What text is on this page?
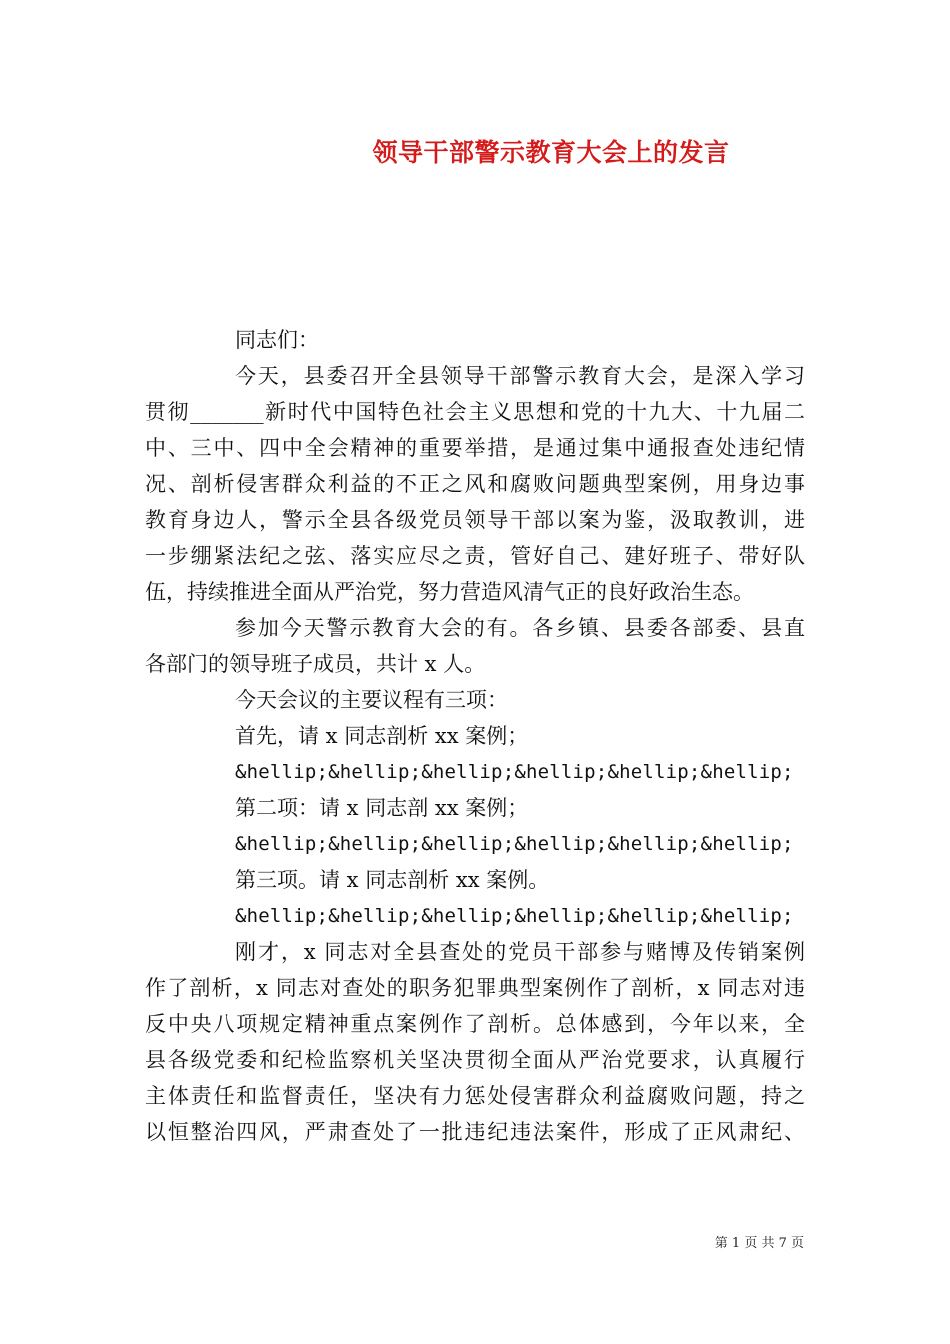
领导干部警示教育大会上的发言
同志们：
今天，县委召开全县领导干部警示教育大会，是深入学习
贯彻_______新时代中国特色社会主义思想和党的十九大、十九届二
中、三中、四中全会精神的重要举措，是通过集中通报查处违纪情
况、剖析侵害群众利益的不正之风和腐败问题典型案例，用身边事
教育身边人，警示全县各级党员领导干部以案为鉴，汲取教训，进
一步绷紧法纪之弦、落实应尽之责，管好自己、建好班子、带好队
伍，持续推进全面从严治党，努力营造风清气正的良好政治生态。
参加今天警示教育大会的有。各乡镇、县委各部委、县直
各部门的领导班子成员，共计 x 人。
今天会议的主要议程有三项：
首先，请 x 同志剖析 xx 案例；
&hellip;&hellip;&hellip;&hellip;&hellip;&hellip;
第二项：请 x 同志剖 xx 案例；
&hellip;&hellip;&hellip;&hellip;&hellip;&hellip;
第三项。请 x 同志剖析 xx 案例。
&hellip;&hellip;&hellip;&hellip;&hellip;&hellip;
刚才，x 同志对全县查处的党员干部参与赌博及传销案例
作了剖析，x 同志对查处的职务犯罪典型案例作了剖析，x 同志对违
反中央八项规定精神重点案例作了剖析。总体感到，今年以来，全
县各级党委和纪检监察机关坚决贯彻全面从严治党要求，认真履行
主体责任和监督责任，坚决有力惩处侵害群众利益腐败问题，持之
以恒整治四风，严肃查处了一批违纪违法案件，形成了正风肃纪、
第 1 页 共 7 页
